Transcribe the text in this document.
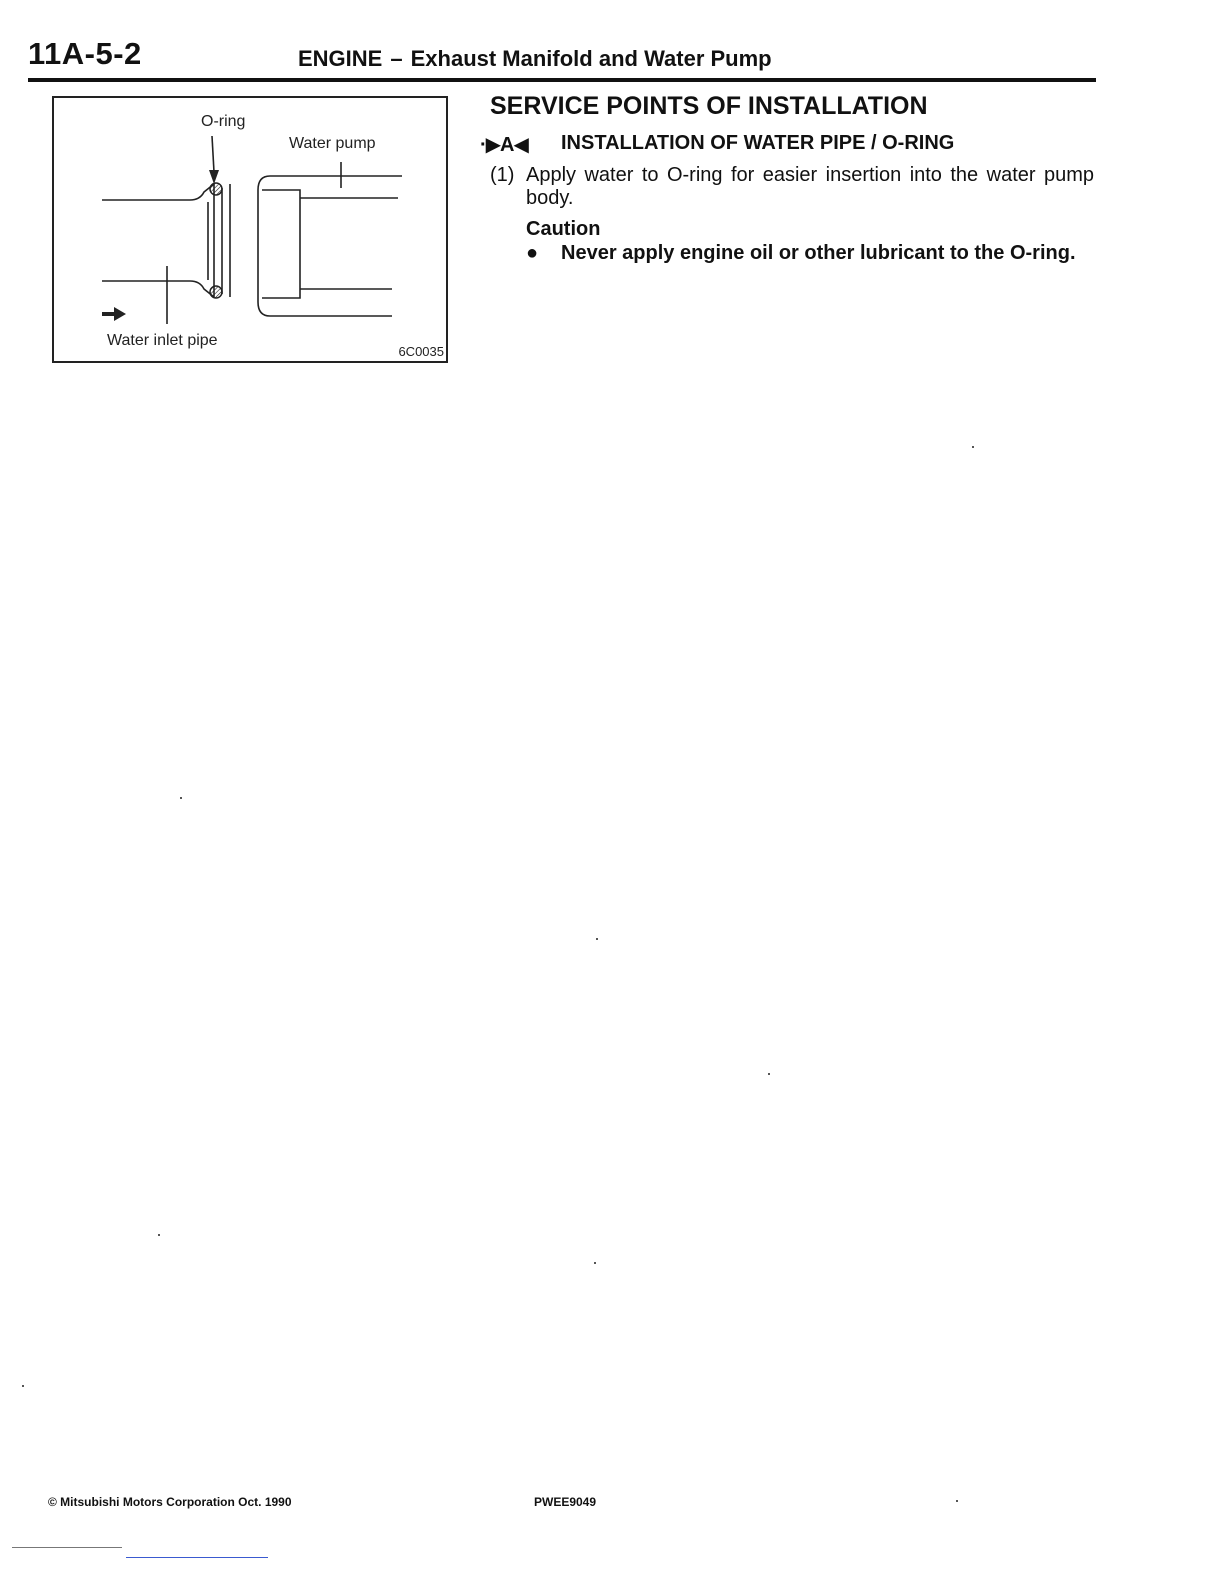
11A-5-2	ENGINE – Exhaust Manifold and Water Pump
O-ring
Water pump
Water inlet pipe
6C0035
SERVICE POINTS OF INSTALLATION
·▶A◀ INSTALLATION OF WATER PIPE / O-RING
(1) Apply water to O-ring for easier insertion into the water pump body.
Caution
● Never apply engine oil or other lubricant to the O-ring.
© Mitsubishi Motors Corporation Oct. 1990	PWEE9049
